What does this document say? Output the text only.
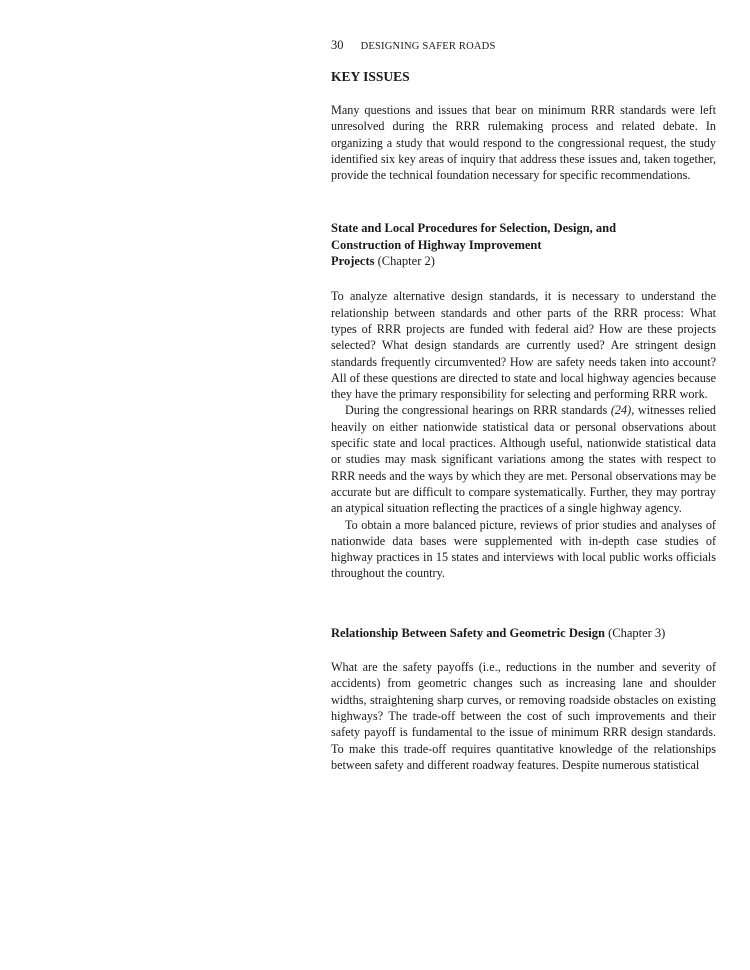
30 DESIGNING SAFER ROADS
KEY ISSUES

Many questions and issues that bear on minimum RRR standards were left unresolved during the RRR rulemaking process and related debate. In organizing a study that would respond to the congressional request, the study identified six key areas of inquiry that address these issues and, taken together, provide the technical foundation necessary for specific recommendations.

State and Local Procedures for Selection, Design, and
Construction of Highway Improvement
Projects (Chapter 2)

To analyze alternative design standards, it is necessary to understand the relationship between standards and other parts of the RRR process: What types of RRR projects are funded with federal aid? How are these projects selected? What design standards are currently used? Are stringent design standards frequently circumvented? How are safety needs taken into account? All of these questions are directed to state and local highway agencies because they have the primary responsibility for selecting and performing RRR work.

During the congressional hearings on RRR standards (24), witnesses relied heavily on either nationwide statistical data or personal observations about specific state and local practices. Although useful, nationwide statistical data or studies may mask significant variations among the states with respect to RRR needs and the ways by which they are met. Personal observations may be accurate but are difficult to compare systematically. Further, they may portray an atypical situation reflecting the practices of a single highway agency.

To obtain a more balanced picture, reviews of prior studies and analyses of nationwide data bases were supplemented with in-depth case studies of highway practices in 15 states and interviews with local public works officials throughout the country.

Relationship Between Safety and Geometric Design (Chapter 3)

What are the safety payoffs (i.e., reductions in the number and severity of accidents) from geometric changes such as increasing lane and shoulder widths, straightening sharp curves, or removing roadside obstacles on existing highways? The trade-off between the cost of such improvements and their safety payoff is fundamental to the issue of minimum RRR design standards. To make this trade-off requires quantitative knowledge of the relationships between safety and different roadway features. Despite numerous statistical
